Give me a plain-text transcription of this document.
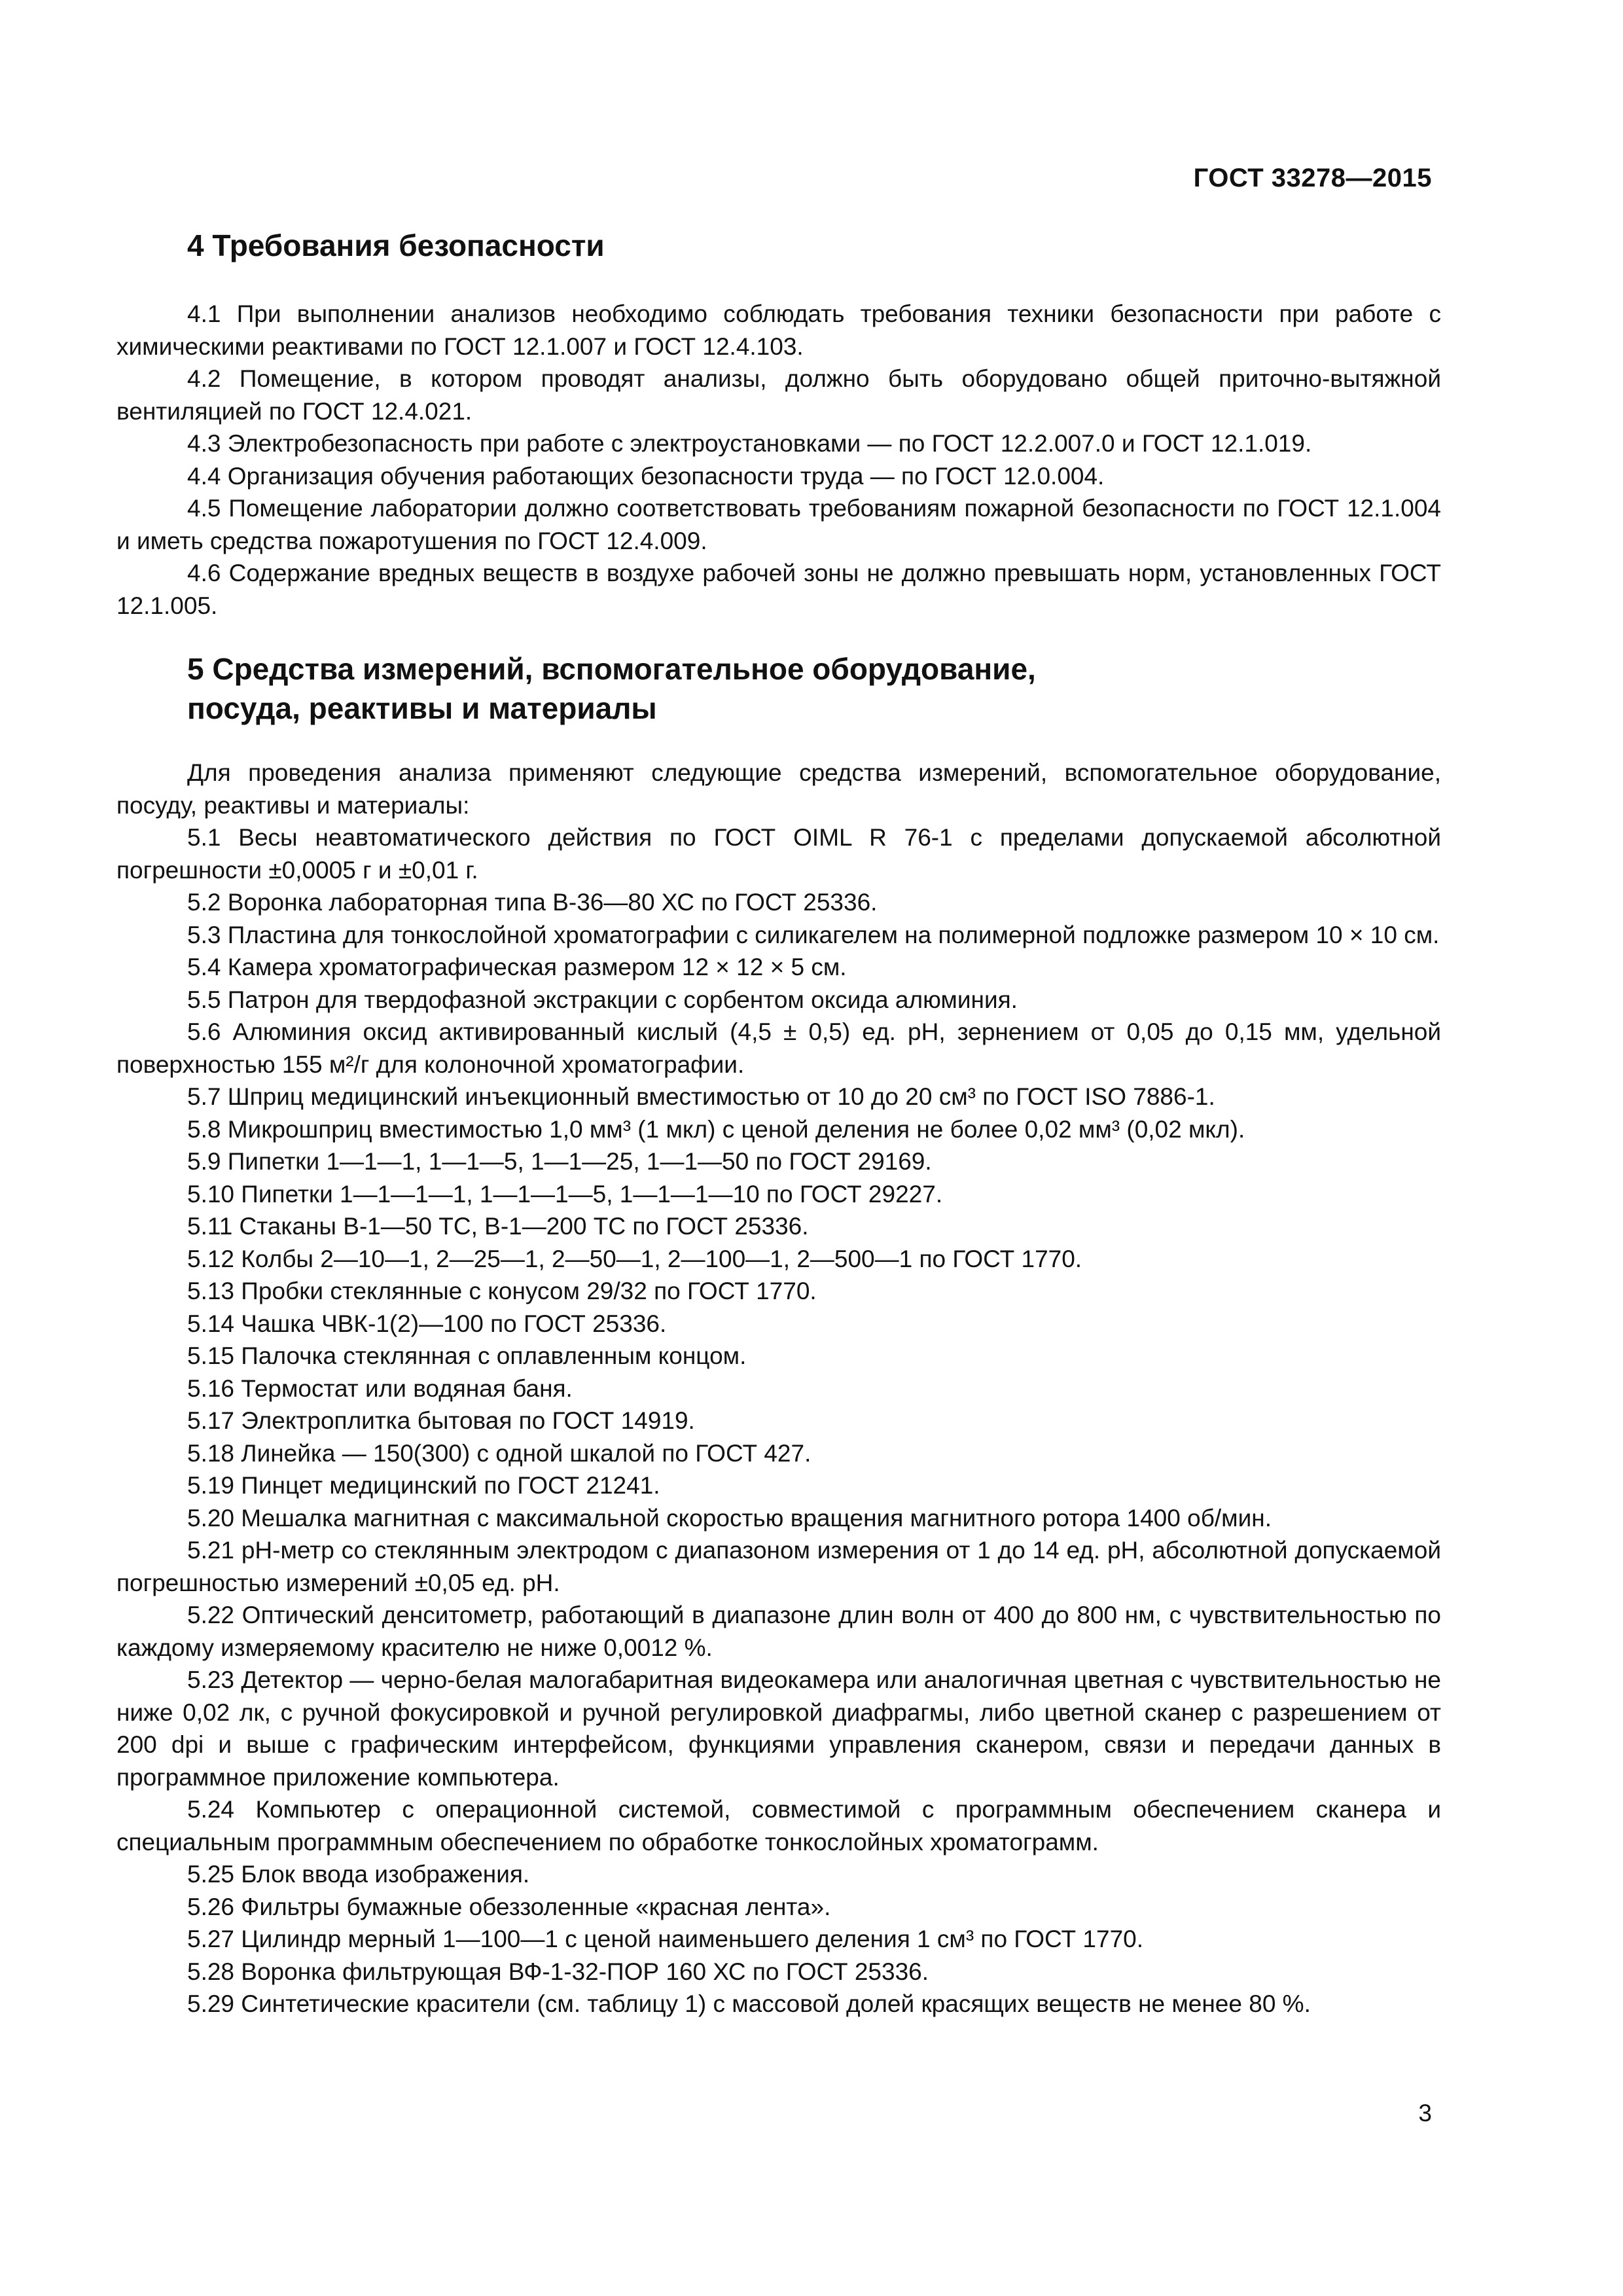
ГОСТ 33278—2015
4 Требования безопасности

4.1 При выполнении анализов необходимо соблюдать требования техники безопасности при работе с химическими реактивами по ГОСТ 12.1.007 и ГОСТ 12.4.103.

4.2 Помещение, в котором проводят анализы, должно быть оборудовано общей приточно-вытяжной вентиляцией по ГОСТ 12.4.021.

4.3 Электробезопасность при работе с электроустановками — по ГОСТ 12.2.007.0 и ГОСТ 12.1.019.

4.4 Организация обучения работающих безопасности труда — по ГОСТ 12.0.004.

4.5 Помещение лаборатории должно соответствовать требованиям пожарной безопасности по ГОСТ 12.1.004 и иметь средства пожаротушения по ГОСТ 12.4.009.

4.6 Содержание вредных веществ в воздухе рабочей зоны не должно превышать норм, установленных ГОСТ 12.1.005.

5 Средства измерений, вспомогательное оборудование,
посуда, реактивы и материалы

Для проведения анализа применяют следующие средства измерений, вспомогательное оборудование, посуду, реактивы и материалы:

5.1 Весы неавтоматического действия по ГОСТ OIML R 76-1 с пределами допускаемой абсолютной погрешности ±0,0005 г и ±0,01 г.

5.2 Воронка лабораторная типа В-36—80 ХС по ГОСТ 25336.

5.3 Пластина для тонкослойной хроматографии с силикагелем на полимерной подложке размером 10 × 10 см.

5.4 Камера хроматографическая размером 12 × 12 × 5 см.

5.5 Патрон для твердофазной экстракции с сорбентом оксида алюминия.

5.6 Алюминия оксид активированный кислый (4,5 ± 0,5) ед. рН, зернением от 0,05 до 0,15 мм, удельной поверхностью 155 м²/г для колоночной хроматографии.

5.7 Шприц медицинский инъекционный вместимостью от 10 до 20 см³ по ГОСТ ISO 7886-1.

5.8 Микрошприц вместимостью 1,0 мм³ (1 мкл) с ценой деления не более 0,02 мм³ (0,02 мкл).

5.9 Пипетки 1—1—1, 1—1—5, 1—1—25, 1—1—50 по ГОСТ 29169.

5.10 Пипетки 1—1—1—1, 1—1—1—5, 1—1—1—10 по ГОСТ 29227.

5.11 Стаканы В-1—50 ТС, В-1—200 ТС по ГОСТ 25336.

5.12 Колбы 2—10—1, 2—25—1, 2—50—1, 2—100—1, 2—500—1 по ГОСТ 1770.

5.13 Пробки стеклянные с конусом 29/32 по ГОСТ 1770.

5.14 Чашка ЧВК-1(2)—100 по ГОСТ 25336.

5.15 Палочка стеклянная с оплавленным концом.

5.16 Термостат или водяная баня.

5.17 Электроплитка бытовая по ГОСТ 14919.

5.18 Линейка — 150(300) с одной шкалой по ГОСТ 427.

5.19 Пинцет медицинский по ГОСТ 21241.

5.20 Мешалка магнитная с максимальной скоростью вращения магнитного ротора 1400 об/мин.

5.21 рН-метр со стеклянным электродом с диапазоном измерения от 1 до 14 ед. рН, абсолютной допускаемой погрешностью измерений ±0,05 ед. рН.

5.22 Оптический денситометр, работающий в диапазоне длин волн от 400 до 800 нм, с чувствительностью по каждому измеряемому красителю не ниже 0,0012 %.

5.23 Детектор — черно-белая малогабаритная видеокамера или аналогичная цветная с чувствительностью не ниже 0,02 лк, с ручной фокусировкой и ручной регулировкой диафрагмы, либо цветной сканер с разрешением от 200 dpi и выше с графическим интерфейсом, функциями управления сканером, связи и передачи данных в программное приложение компьютера.

5.24 Компьютер с операционной системой, совместимой с программным обеспечением сканера и специальным программным обеспечением по обработке тонкослойных хроматограмм.

5.25 Блок ввода изображения.

5.26 Фильтры бумажные обеззоленные «красная лента».

5.27 Цилиндр мерный 1—100—1 с ценой наименьшего деления 1 см³ по ГОСТ 1770.

5.28 Воронка фильтрующая ВФ-1-32-ПОР 160 ХС по ГОСТ 25336.

5.29 Синтетические красители (см. таблицу 1) с массовой долей красящих веществ не менее 80 %.

3
